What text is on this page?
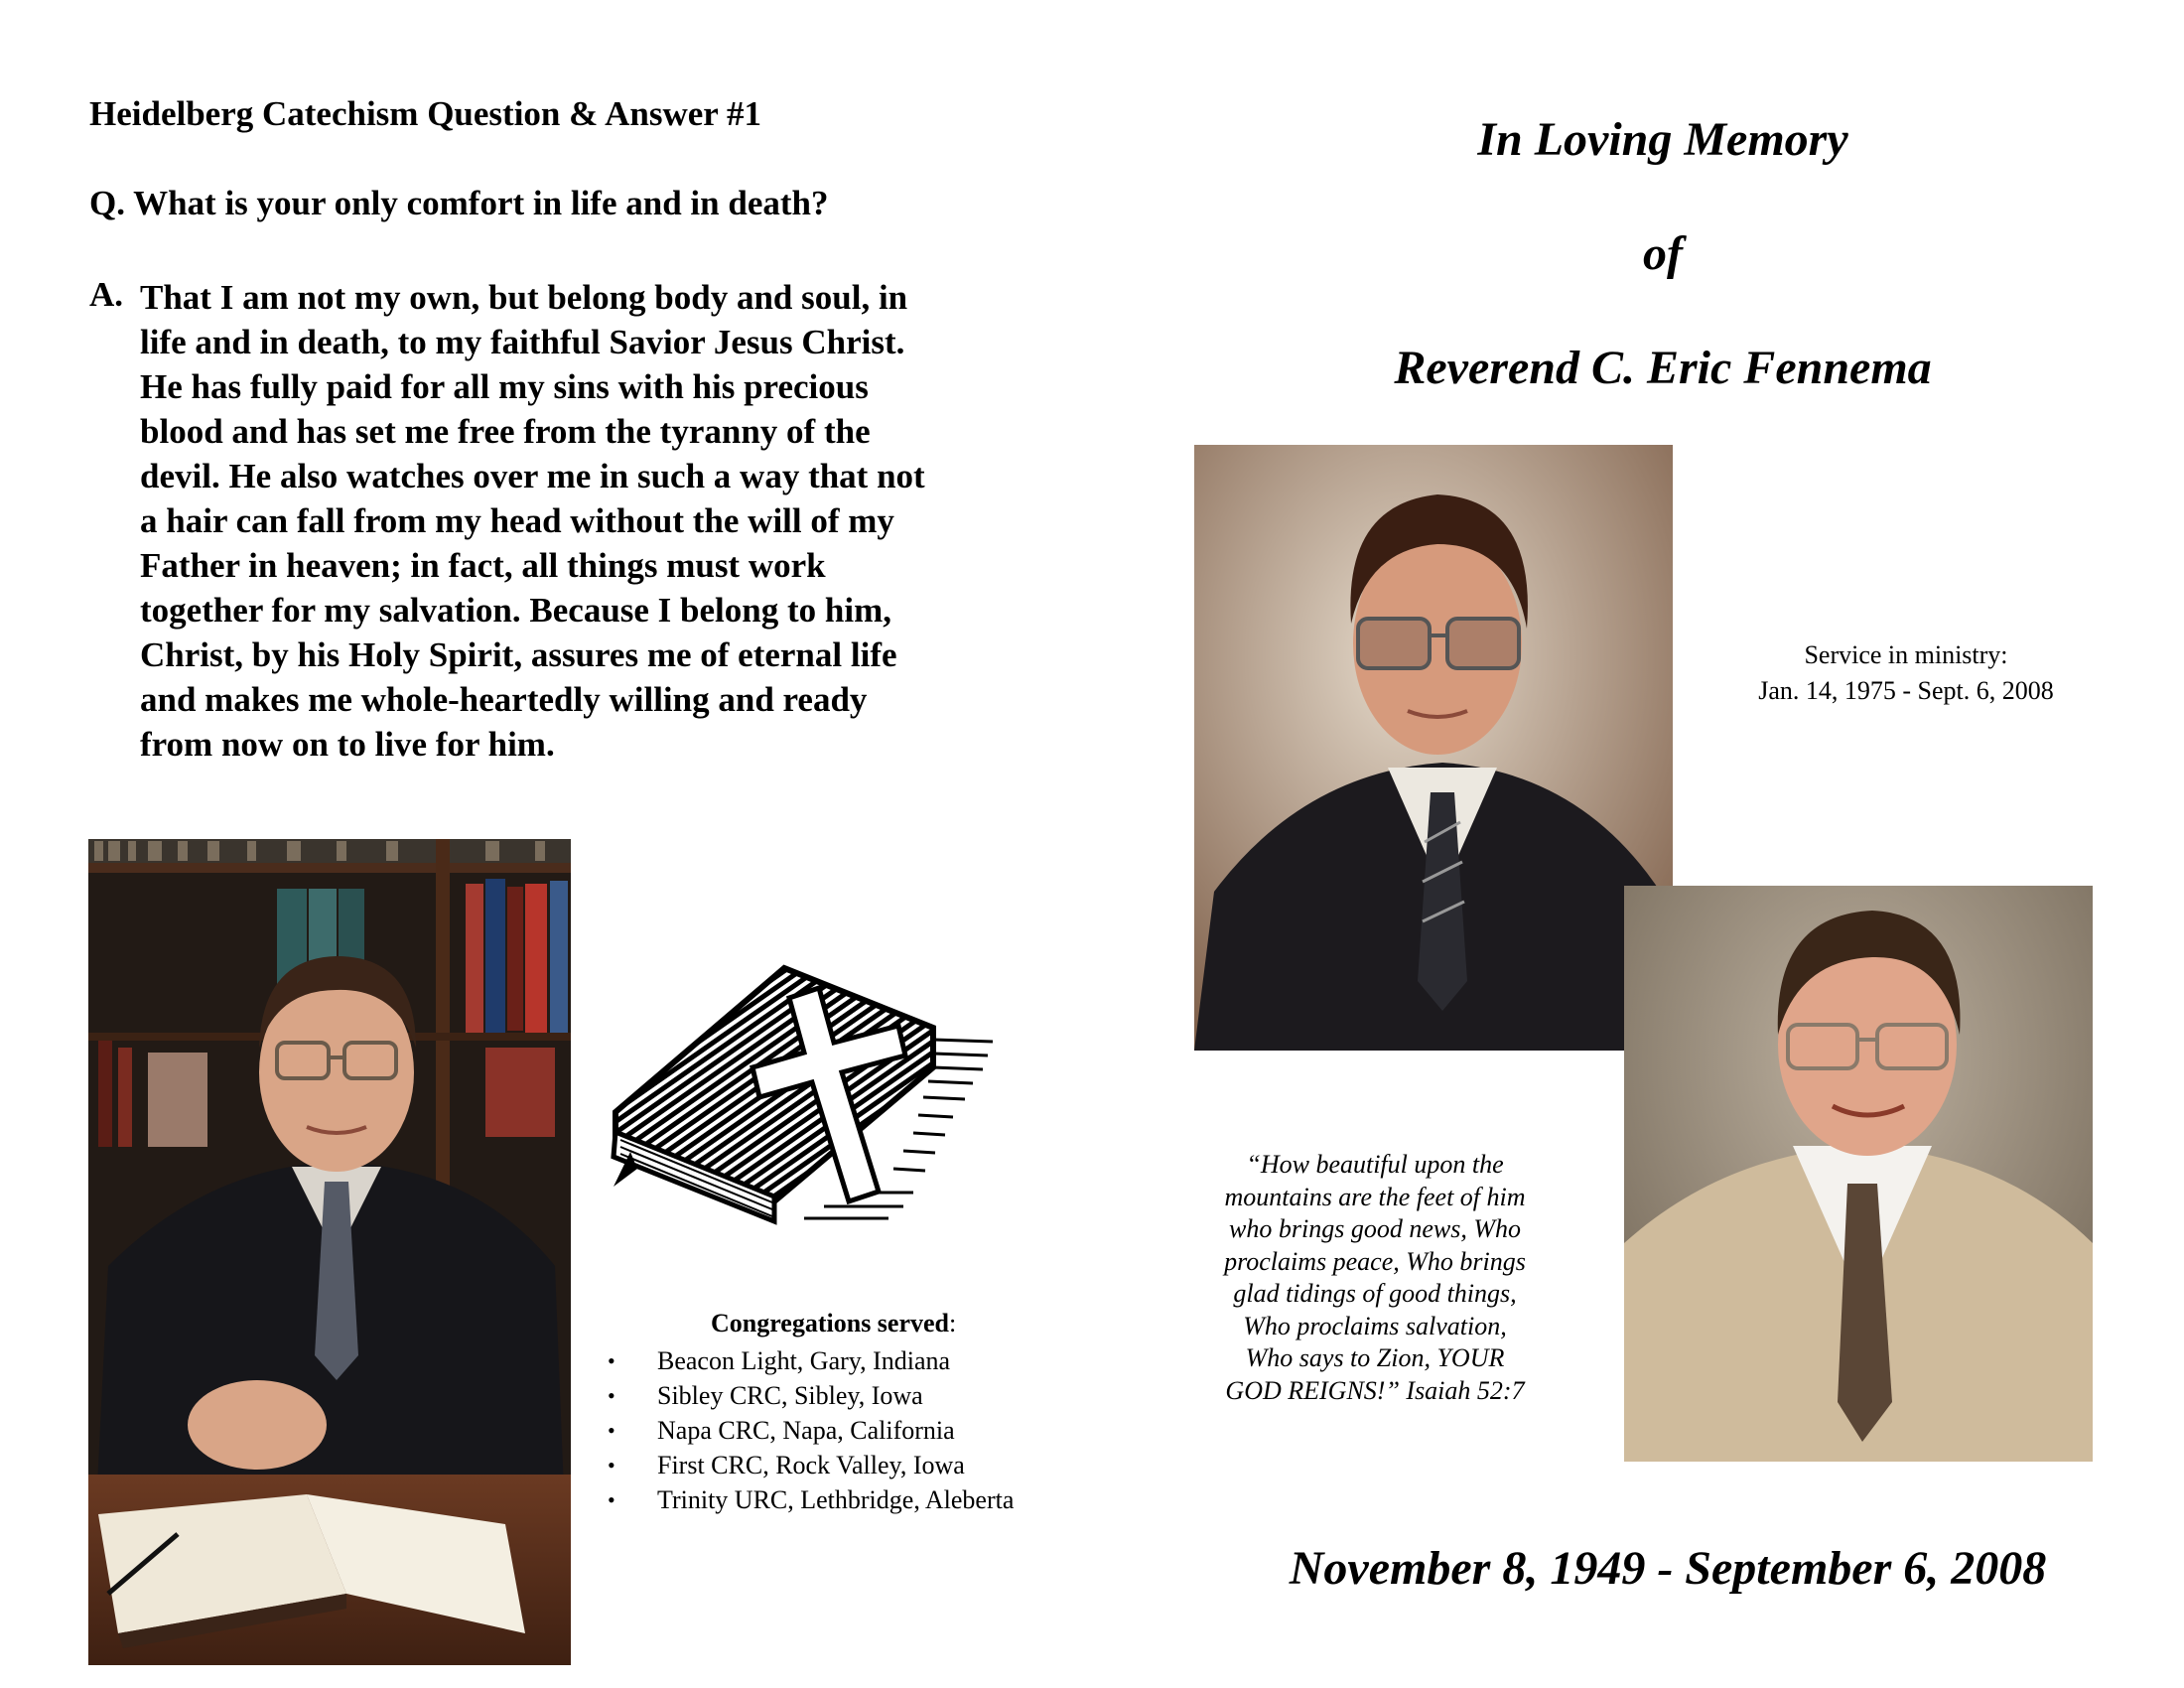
Heidelberg Catechism Question & Answer #1
Q. What is your only comfort in life and in death?
A. That I am not my own, but belong body and soul, in
life and in death, to my faithful Savior Jesus Christ.
He has fully paid for all my sins with his precious
blood and has set me free from the tyranny of the
devil. He also watches over me in such a way that not
a hair can fall from my head without the will of my
Father in heaven; in fact, all things must work
together for my salvation. Because I belong to him,
Christ, by his Holy Spirit, assures me of eternal life
and makes me whole-heartedly willing and ready
from now on to live for him.
Congregations served:
• Beacon Light, Gary, Indiana
• Sibley CRC, Sibley, Iowa
• Napa CRC, Napa, California
• First CRC, Rock Valley, Iowa
• Trinity URC, Lethbridge, Aleberta
In Loving Memory
of
Reverend C. Eric Fennema
Service in ministry:
Jan. 14, 1975 - Sept. 6, 2008
“How beautiful upon the
mountains are the feet of him
who brings good news, Who
proclaims peace, Who brings
glad tidings of good things,
Who proclaims salvation,
Who says to Zion, YOUR
GOD REIGNS!” Isaiah 52:7
November 8, 1949 - September 6, 2008
